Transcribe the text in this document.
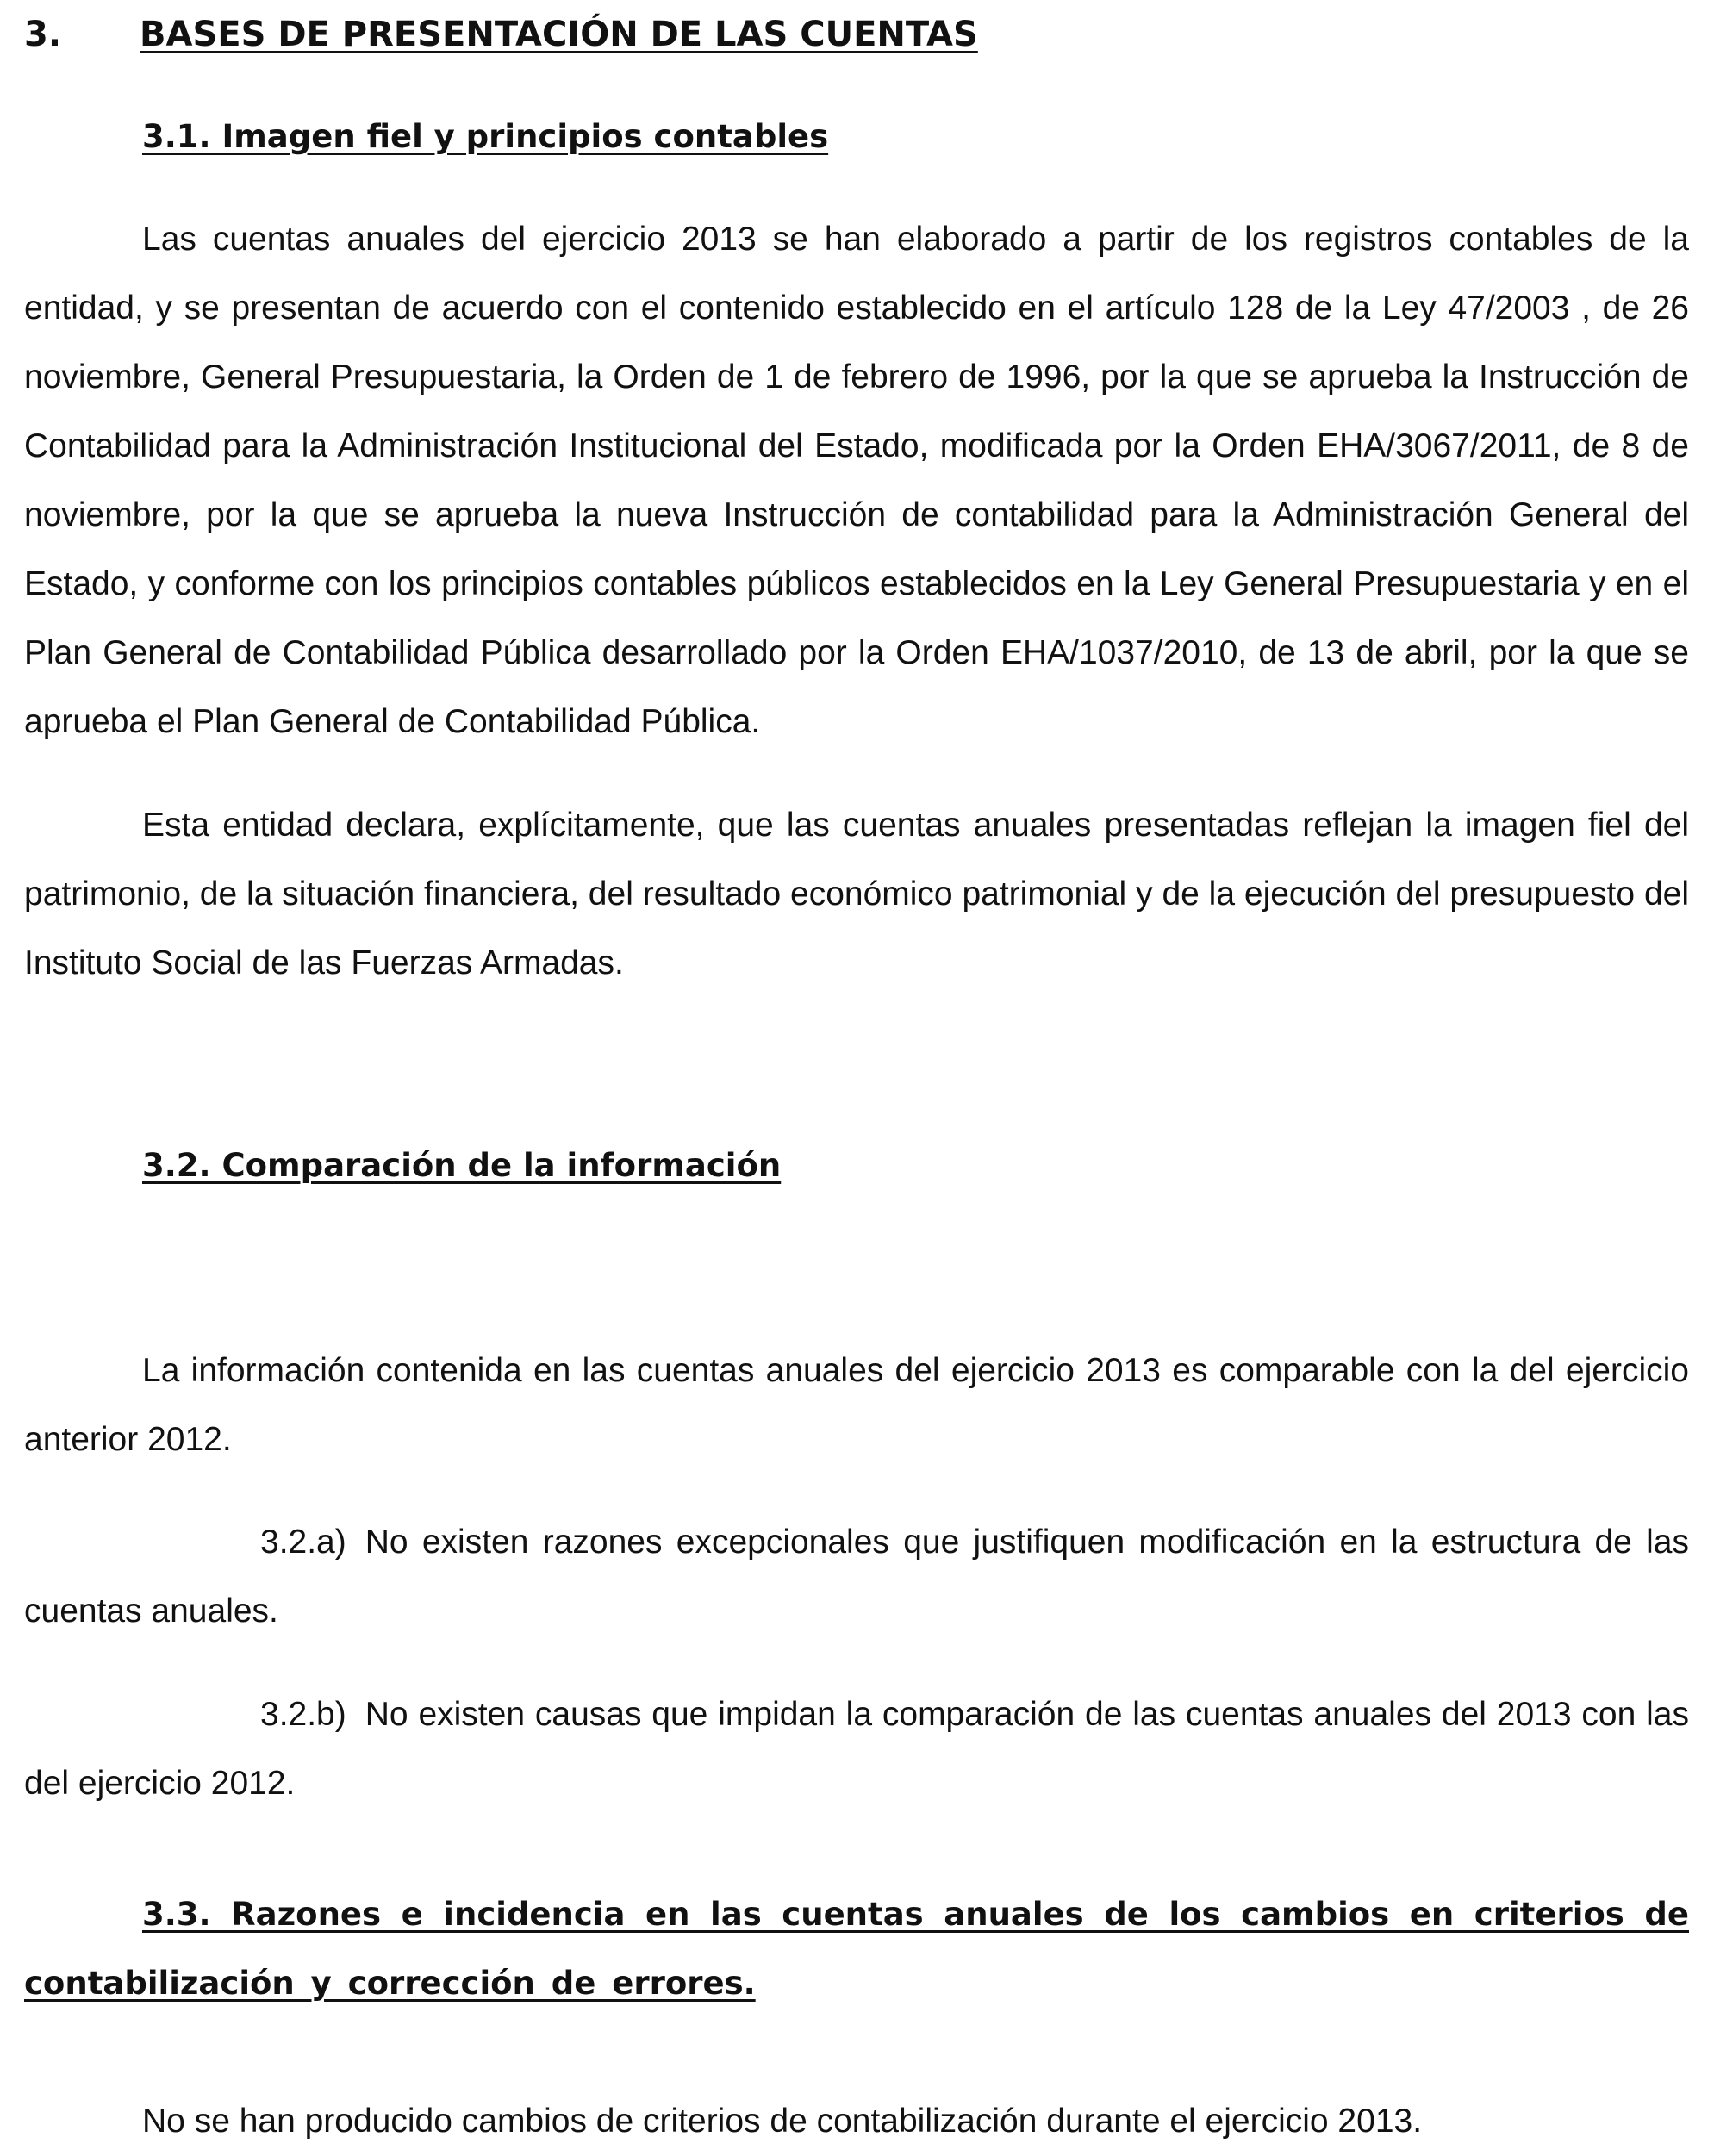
3. BASES DE PRESENTACIÓN DE LAS CUENTAS
3.1. Imagen fiel y principios contables

Las cuentas anuales del ejercicio 2013 se han elaborado a partir de los registros contables de la entidad, y se presentan de acuerdo con el contenido establecido en el artículo 128 de la Ley 47/2003 , de 26 noviembre, General Presupuestaria, la Orden de 1 de febrero de 1996, por la que se aprueba la Instrucción de Contabilidad para la Administración Institucional del Estado, modificada por la Orden EHA/3067/2011, de 8 de noviembre, por la que se aprueba la nueva Instrucción de contabilidad para la Administración General del Estado, y conforme con los principios contables públicos establecidos en la Ley General Presupuestaria y en el Plan General de Contabilidad Pública desarrollado por la Orden EHA/1037/2010, de 13 de abril, por la que se aprueba el Plan General de Contabilidad Pública.

Esta entidad declara, explícitamente, que las cuentas anuales presentadas reflejan la imagen fiel del patrimonio, de la situación financiera, del resultado económico patrimonial y de la ejecución del presupuesto del Instituto Social de las Fuerzas Armadas.

3.2. Comparación de la información

La información contenida en las cuentas anuales del ejercicio 2013 es comparable con la del ejercicio anterior 2012.

3.2.a) No existen razones excepcionales que justifiquen modificación en la estructura de las cuentas anuales.

3.2.b) No existen causas que impidan la comparación de las cuentas anuales del 2013 con las del ejercicio 2012.

3.3. Razones e incidencia en las cuentas anuales de los cambios en criterios de contabilización y corrección de errores.

No se han producido cambios de criterios de contabilización durante el ejercicio 2013.
